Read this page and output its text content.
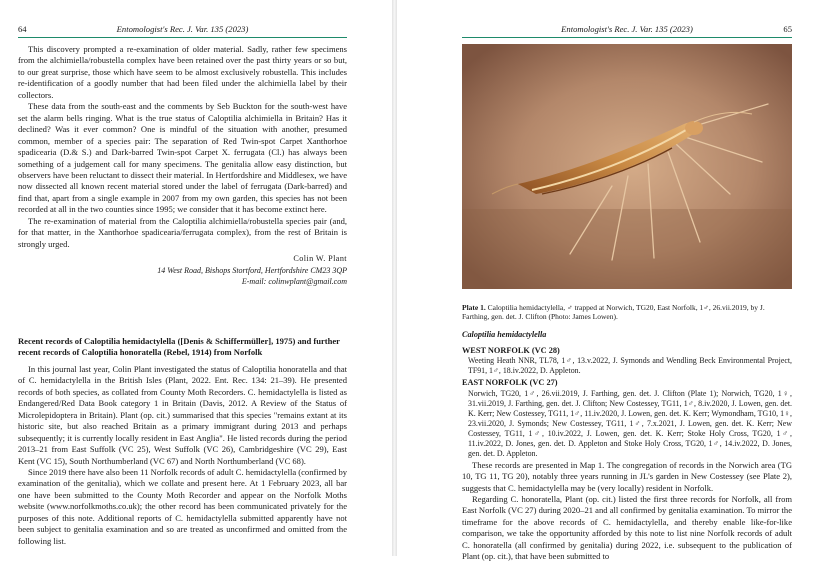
64	Entomologist's Rec. J. Var. 135 (2023)

This discovery prompted a re-examination of older material. Sadly, rather few specimens from the alchimiella/robustella complex have been retained over the past thirty years or so but, to our great surprise, those which have seem to be almost exclusively robustella. This includes re-identification of a goodly number that had been filed under the alchimiella label by their collectors.

These data from the south-east and the comments by Seb Buckton for the south-west have set the alarm bells ringing. What is the true status of Caloptilia alchimiella in Britain? Has it declined? Was it ever common? One is mindful of the situation with another, presumed common, member of a species pair: The separation of Red Twin-spot Carpet Xanthorhoe spadicearia (D.& S.) and Dark-barred Twin-spot Carpet X. ferrugata (Cl.) has always been something of a judgement call for many specimens. The genitalia allow easy distinction, but observers have been reluctant to dissect their material. In Hertfordshire and Middlesex, we have now dissected all known recent material stored under the label of ferrugata (Dark-barred) and find that, apart from a single example in 2007 from my own garden, this species has not been recorded at all in the two counties since 1995; we consider that it has become extinct here.

The re-examination of material from the Caloptilia alchimiella/robustella species pair (and, for that matter, in the Xanthorhoe spadicearia/ferrugata complex), from the rest of Britain is strongly urged.

Colin W. Plant

14 West Road, Bishops Stortford, Hertfordshire CM23 3QP

E-mail: colinwplant@gmail.com

Recent records of Caloptilia hemidactylella ([Denis & Schiffermüller], 1975) and further recent records of Caloptilia honoratella (Rebel, 1914) from Norfolk

In this journal last year, Colin Plant investigated the status of Caloptilia honoratella and that of C. hemidactylella in the British Isles (Plant, 2022. Ent. Rec. 134: 21–39). He presented records of both species, as collated from County Moth Recorders. C. hemidactylella is listed as Endangered/Red Data Book category 1 in Britain (Davis, 2012. A Review of the Status of Microlepidoptera in Britain). Plant (op. cit.) summarised that this species "remains extant at its historic site, but also reached Britain as a primary immigrant during 2013 and perhaps subsequently; it is currently locally resident in East Anglia". He listed records during the period 2013–21 from East Suffolk (VC 25), West Suffolk (VC 26), Cambridgeshire (VC 29), East Kent (VC 15), South Northumberland (VC 67) and North Northumberland (VC 68).

Since 2019 there have also been 11 Norfolk records of adult C. hemidactylella (confirmed by examination of the genitalia), which we collate and present here. At 1 February 2023, all bar one have been submitted to the County Moth Recorder and appear on the Norfolk Moths website (www.norfolkmoths.co.uk); the other record has been communicated privately for the purposes of this note. Additional reports of C. hemidactylella submitted apparently have not been subject to genitalia examination and so are treated as unconfirmed and omitted from the following list.

Entomologist's Rec. J. Var. 135 (2023)	65

Plate 1. Caloptilia hemidactylella, ♂ trapped at Norwich, TG20, East Norfolk, 1♂, 26.vii.2019, by J. Farthing, gen. det. J. Clifton (Photo: James Lowen).

Caloptilia hemidactylella

WEST NORFOLK (VC 28)

Weeting Heath NNR, TL78, 1♂, 13.v.2022, J. Symonds and Wendling Beck Environmental Project, TF91, 1♂, 18.iv.2022, D. Appleton.

EAST NORFOLK (VC 27)

Norwich, TG20, 1♂, 26.vii.2019, J. Farthing, gen. det. J. Clifton (Plate 1); Norwich, TG20, 1♀, 31.vii.2019, J. Farthing, gen. det. J. Clifton; New Costessey, TG11, 1♂, 8.iv.2020, J. Lowen, gen. det. K. Kerr; New Costessey, TG11, 1♂, 11.iv.2020, J. Lowen, gen. det. K. Kerr; Wymondham, TG10, 1♀, 23.vii.2020, J. Symonds; New Costessey, TG11, 1♂, 7.x.2021, J. Lowen, gen. det. K. Kerr; New Costessey, TG11, 1♂, 10.iv.2022, J. Lowen, gen. det. K. Kerr; Stoke Holy Cross, TG20, 1♂, 11.iv.2022, D. Jones, gen. det. D. Appleton and Stoke Holy Cross, TG20, 1♂, 14.iv.2022, D. Jones, gen. det. D. Appleton.

These records are presented in Map 1. The congregation of records in the Norwich area (TG 10, TG 11, TG 20), notably three years running in JL's garden in New Costessey (see Plate 2), suggests that C. hemidactylella may be (very locally) resident in Norfolk.

Regarding C. honoratella, Plant (op. cit.) listed the first three records for Norfolk, all from East Norfolk (VC 27) during 2020–21 and all confirmed by genitalia examination. To mirror the timeframe for the above records of C. hemidactylella, and thereby enable like-for-like comparison, we take the opportunity afforded by this note to list nine Norfolk records of adult C. honoratella (all confirmed by genitalia) during 2022, i.e. subsequent to the publication of Plant (op. cit.), that have been submitted to
